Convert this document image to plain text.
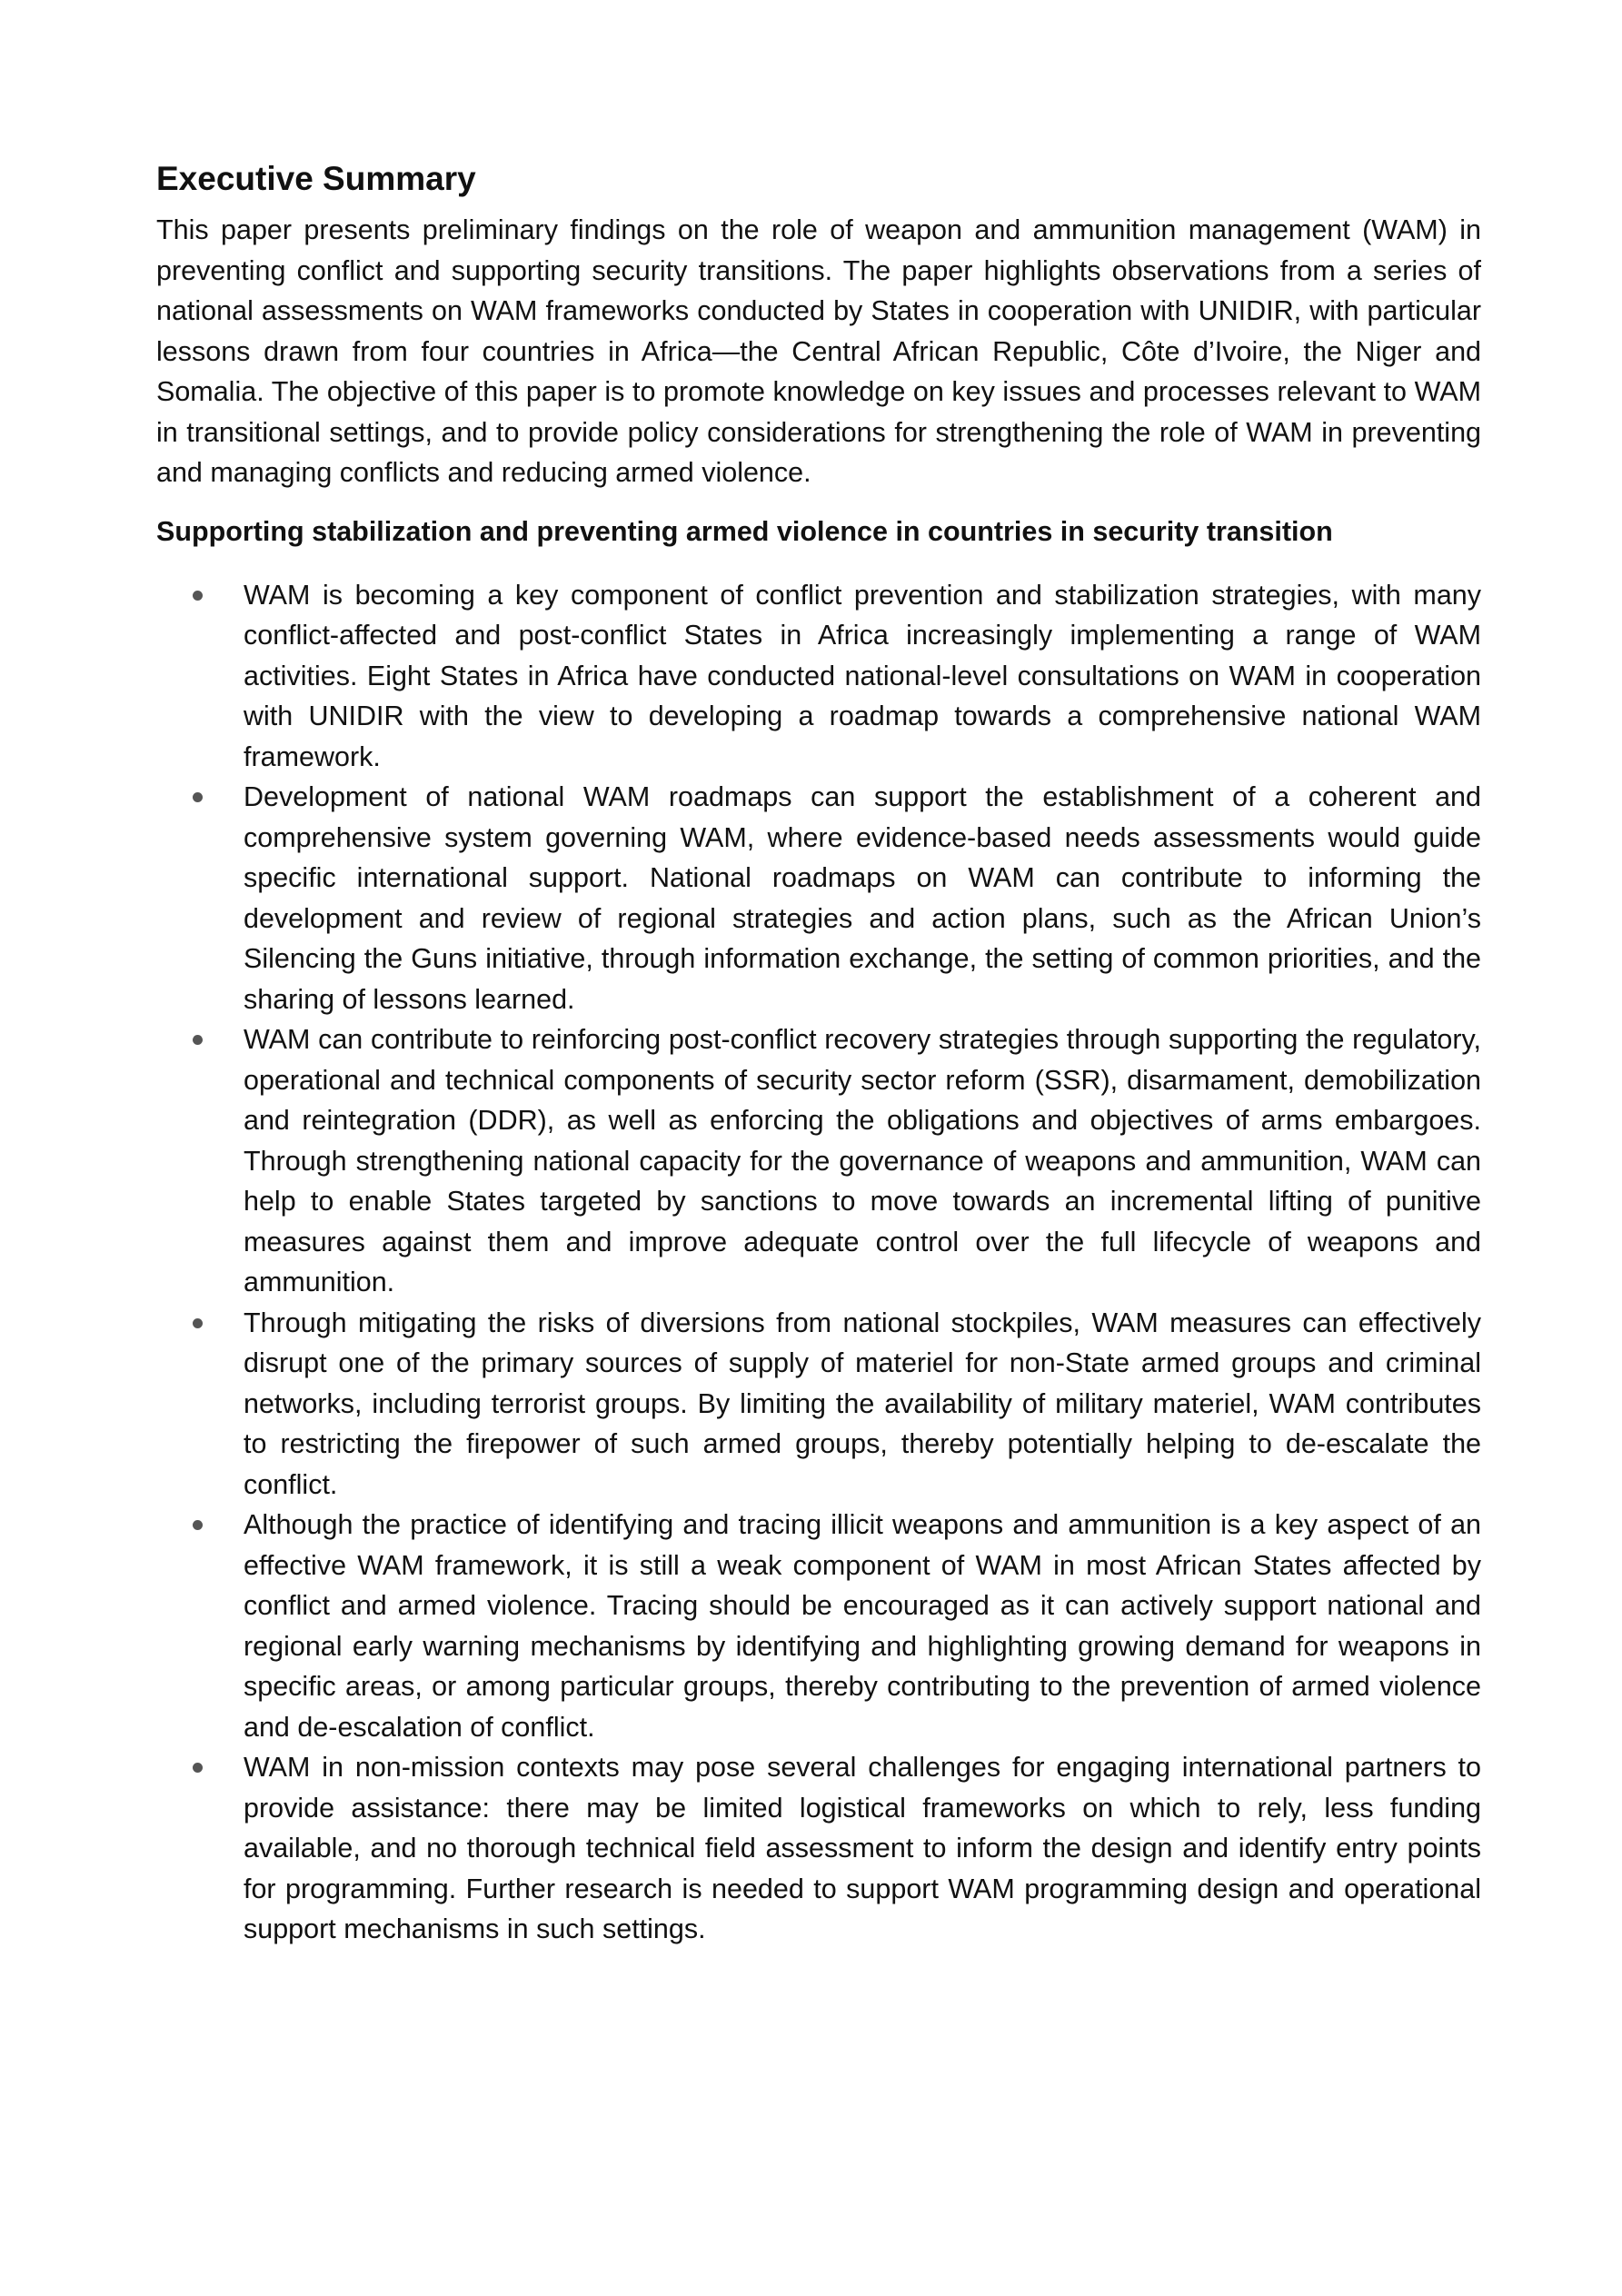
Executive Summary

This paper presents preliminary findings on the role of weapon and ammunition management (WAM) in preventing conflict and supporting security transitions. The paper highlights observations from a series of national assessments on WAM frameworks conducted by States in cooperation with UNIDIR, with particular lessons drawn from four countries in Africa—the Central African Republic, Côte d’Ivoire, the Niger and Somalia. The objective of this paper is to promote knowledge on key issues and processes relevant to WAM in transitional settings, and to provide policy considerations for strengthening the role of WAM in preventing and managing conflicts and reducing armed violence.

Supporting stabilization and preventing armed violence in countries in security transition
WAM is becoming a key component of conflict prevention and stabilization strategies, with many conflict-affected and post-conflict States in Africa increasingly implementing a range of WAM activities. Eight States in Africa have conducted national-level consultations on WAM in cooperation with UNIDIR with the view to developing a roadmap towards a comprehensive national WAM framework.
Development of national WAM roadmaps can support the establishment of a coherent and comprehensive system governing WAM, where evidence-based needs assessments would guide specific international support. National roadmaps on WAM can contribute to informing the development and review of regional strategies and action plans, such as the African Union’s Silencing the Guns initiative, through information exchange, the setting of common priorities, and the sharing of lessons learned.
WAM can contribute to reinforcing post-conflict recovery strategies through supporting the regulatory, operational and technical components of security sector reform (SSR), disarmament, demobilization and reintegration (DDR), as well as enforcing the obligations and objectives of arms embargoes. Through strengthening national capacity for the governance of weapons and ammunition, WAM can help to enable States targeted by sanctions to move towards an incremental lifting of punitive measures against them and improve adequate control over the full lifecycle of weapons and ammunition.
Through mitigating the risks of diversions from national stockpiles, WAM measures can effectively disrupt one of the primary sources of supply of materiel for non-State armed groups and criminal networks, including terrorist groups. By limiting the availability of military materiel, WAM contributes to restricting the firepower of such armed groups, thereby potentially helping to de-escalate the conflict.
Although the practice of identifying and tracing illicit weapons and ammunition is a key aspect of an effective WAM framework, it is still a weak component of WAM in most African States affected by conflict and armed violence. Tracing should be encouraged as it can actively support national and regional early warning mechanisms by identifying and highlighting growing demand for weapons in specific areas, or among particular groups, thereby contributing to the prevention of armed violence and de-escalation of conflict.
WAM in non-mission contexts may pose several challenges for engaging international partners to provide assistance: there may be limited logistical frameworks on which to rely, less funding available, and no thorough technical field assessment to inform the design and identify entry points for programming. Further research is needed to support WAM programming design and operational support mechanisms in such settings.
